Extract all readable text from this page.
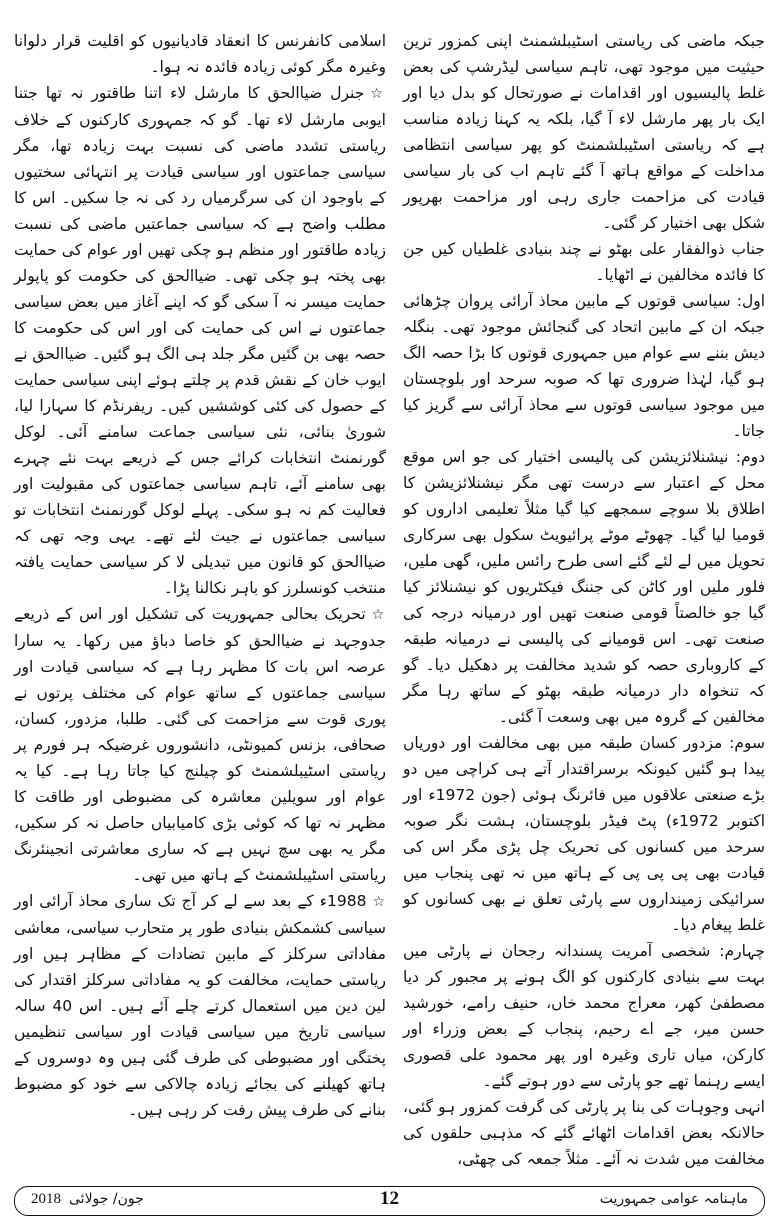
جبکہ ماضی کی ریاستی اسٹیبلشمنٹ اپنی کمزور ترین حیثیت میں موجود تھی، تاہم سیاسی لیڈرشپ کی بعض غلط پالیسیوں اور اقدامات نے صورتحال کو بدل دیا اور ایک بار پھر مارشل لاء آ گیا، بلکہ یہ کہنا زیادہ مناسب ہے کہ ریاستی اسٹیبلشمنٹ کو پھر سیاسی انتظامی مداخلت کے مواقع ہاتھ آ گئے تاہم اب کی بار سیاسی قیادت کی مزاحمت جاری رہی اور مزاحمت بھرپور شکل بھی اختیار کر گئی۔

جناب ذوالفقار علی بھٹو نے چند بنیادی غلطیاں کیں جن کا فائدہ مخالفین نے اٹھایا۔

اول: سیاسی قوتوں کے مابین محاذ آرائی پروان چڑھائی جبکہ ان کے مابین اتحاد کی گنجائش موجود تھی۔ بنگلہ دیش بننے سے عوام میں جمہوری قوتوں کا بڑا حصہ الگ ہو گیا، لہٰذا ضروری تھا کہ صوبہ سرحد اور بلوچستان میں موجود سیاسی قوتوں سے محاذ آرائی سے گریز کیا جاتا۔

دوم: نیشنلائزیشن کی پالیسی اختیار کی جو اس موقع محل کے اعتبار سے درست تھی مگر نیشنلائزیشن کا اطلاق بلا سوچے سمجھے کیا گیا مثلاً تعلیمی اداروں کو قومیا لیا گیا۔ چھوٹے موٹے پرائیویٹ سکول بھی سرکاری تحویل میں لے لئے گئے اسی طرح رائس ملیں، گھی ملیں، فلور ملیں اور کاٹن کی جننگ فیکٹریوں کو نیشنلائز کیا گیا جو خالصتاً قومی صنعت تھیں اور درمیانہ درجہ کی صنعت تھی۔ اس قومیانے کی پالیسی نے درمیانہ طبقہ کے کاروباری حصہ کو شدید مخالفت پر دھکیل دیا۔ گو کہ تنخواہ دار درمیانہ طبقہ بھٹو کے ساتھ رہا مگر مخالفین کے گروہ میں بھی وسعت آ گئی۔

سوم: مزدور کسان طبقہ میں بھی مخالفت اور دوریاں پیدا ہو گئیں کیونکہ برسراقتدار آتے ہی کراچی میں دو بڑے صنعتی علاقوں میں فائرنگ ہوئی (جون 1972ء اور اکتوبر 1972ء) پٹ فیڈر بلوچستان، ہشت نگر صوبہ سرحد میں کسانوں کی تحریک چل پڑی مگر اس کی قیادت بھی پی پی پی کے ہاتھ میں نہ تھی پنجاب میں سرائیکی زمینداروں سے پارٹی تعلق نے بھی کسانوں کو غلط پیغام دیا۔

چہارم: شخصی آمریت پسندانہ رجحان نے پارٹی میں بہت سے بنیادی کارکنوں کو الگ ہونے پر مجبور کر دیا مصطفیٰ کھر، معراج محمد خاں، حنیف رامے، خورشید حسن میر، جے اے رحیم، پنجاب کے بعض وزراء اور کارکن، میاں تاری وغیرہ اور پھر محمود علی قصوری ایسے رہنما تھے جو پارٹی سے دور ہوتے گئے۔

انہی وجوہات کی بنا پر پارٹی کی گرفت کمزور ہو گئی، حالانکہ بعض اقدامات اٹھائے گئے کہ مذہبی حلقوں کی مخالفت میں شدت نہ آئے۔ مثلاً جمعہ کی چھٹی،

اسلامی کانفرنس کا انعقاد قادیانیوں کو اقلیت قرار دلوانا وغیرہ مگر کوئی زیادہ فائدہ نہ ہوا۔

☆جنرل ضیاالحق کا مارشل لاء اتنا طاقتور نہ تھا جتنا ایوبی مارشل لاء تھا۔ گو کہ جمہوری کارکنوں کے خلاف ریاستی تشدد ماضی کی نسبت بہت زیادہ تھا، مگر سیاسی جماعتوں اور سیاسی قیادت پر انتہائی سختیوں کے باوجود ان کی سرگرمیاں رد کی نہ جا سکیں۔ اس کا مطلب واضح ہے کہ سیاسی جماعتیں ماضی کی نسبت زیادہ طاقتور اور منظم ہو چکی تھیں اور عوام کی حمایت بھی پختہ ہو چکی تھی۔ ضیاالحق کی حکومت کو پاپولر حمایت میسر نہ آ سکی گو کہ اپنے آغاز میں بعض سیاسی جماعتوں نے اس کی حمایت کی اور اس کی حکومت کا حصہ بھی بن گئیں مگر جلد ہی الگ ہو گئیں۔ ضیاالحق نے ایوب خان کے نقش قدم پر چلتے ہوئے اپنی سیاسی حمایت کے حصول کی کئی کوششیں کیں۔ ریفرنڈم کا سہارا لیا، شوریٰ بنائی، نئی سیاسی جماعت سامنے آئی۔ لوکل گورنمنٹ انتخابات کرائے جس کے ذریعے بہت نئے چہرے بھی سامنے آئے، تاہم سیاسی جماعتوں کی مقبولیت اور فعالیت کم نہ ہو سکی۔ پہلے لوکل گورنمنٹ انتخابات تو سیاسی جماعتوں نے جیت لئے تھے۔ یہی وجہ تھی کہ ضیاالحق کو قانون میں تبدیلی لا کر سیاسی حمایت یافتہ منتخب کونسلرز کو باہر نکالنا پڑا۔

☆تحریک بحالی جمہوریت کی تشکیل اور اس کے ذریعے جدوجہد نے ضیاالحق کو خاصا دباؤ میں رکھا۔ یہ سارا عرصہ اس بات کا مظہر رہا ہے کہ سیاسی قیادت اور سیاسی جماعتوں کے ساتھ عوام کی مختلف پرتوں نے پوری قوت سے مزاحمت کی گئی۔ طلبا، مزدور، کسان، صحافی، بزنس کمیونٹی، دانشوروں غرضیکہ ہر فورم پر ریاستی اسٹیبلشمنٹ کو چیلنج کیا جاتا رہا ہے۔ کیا یہ عوام اور سویلین معاشرہ کی مضبوطی اور طاقت کا مظہر نہ تھا کہ کوئی بڑی کامیابیاں حاصل نہ کر سکیں، مگر یہ بھی سچ نہیں ہے کہ ساری معاشرتی انجینئرنگ ریاستی اسٹیبلشمنٹ کے ہاتھ میں تھی۔

☆1988ء کے بعد سے لے کر آج تک ساری محاذ آرائی اور سیاسی کشمکش بنیادی طور پر متحارب سیاسی، معاشی مفاداتی سرکلز کے مابین تضادات کے مظاہر ہیں اور ریاستی حمایت، مخالفت کو یہ مفاداتی سرکلز اقتدار کی لین دین میں استعمال کرتے چلے آئے ہیں۔ اس 40 سالہ سیاسی تاریخ میں سیاسی قیادت اور سیاسی تنظیمیں پختگی اور مضبوطی کی طرف گئی ہیں وہ دوسروں کے ہاتھ کھیلنے کی بجائے زیادہ چالاکی سے خود کو مضبوط بنانے کی طرف پیش رفت کر رہی ہیں۔

ماہنامہ عوامی جمہوریت
12
جون/ جولائی2018
